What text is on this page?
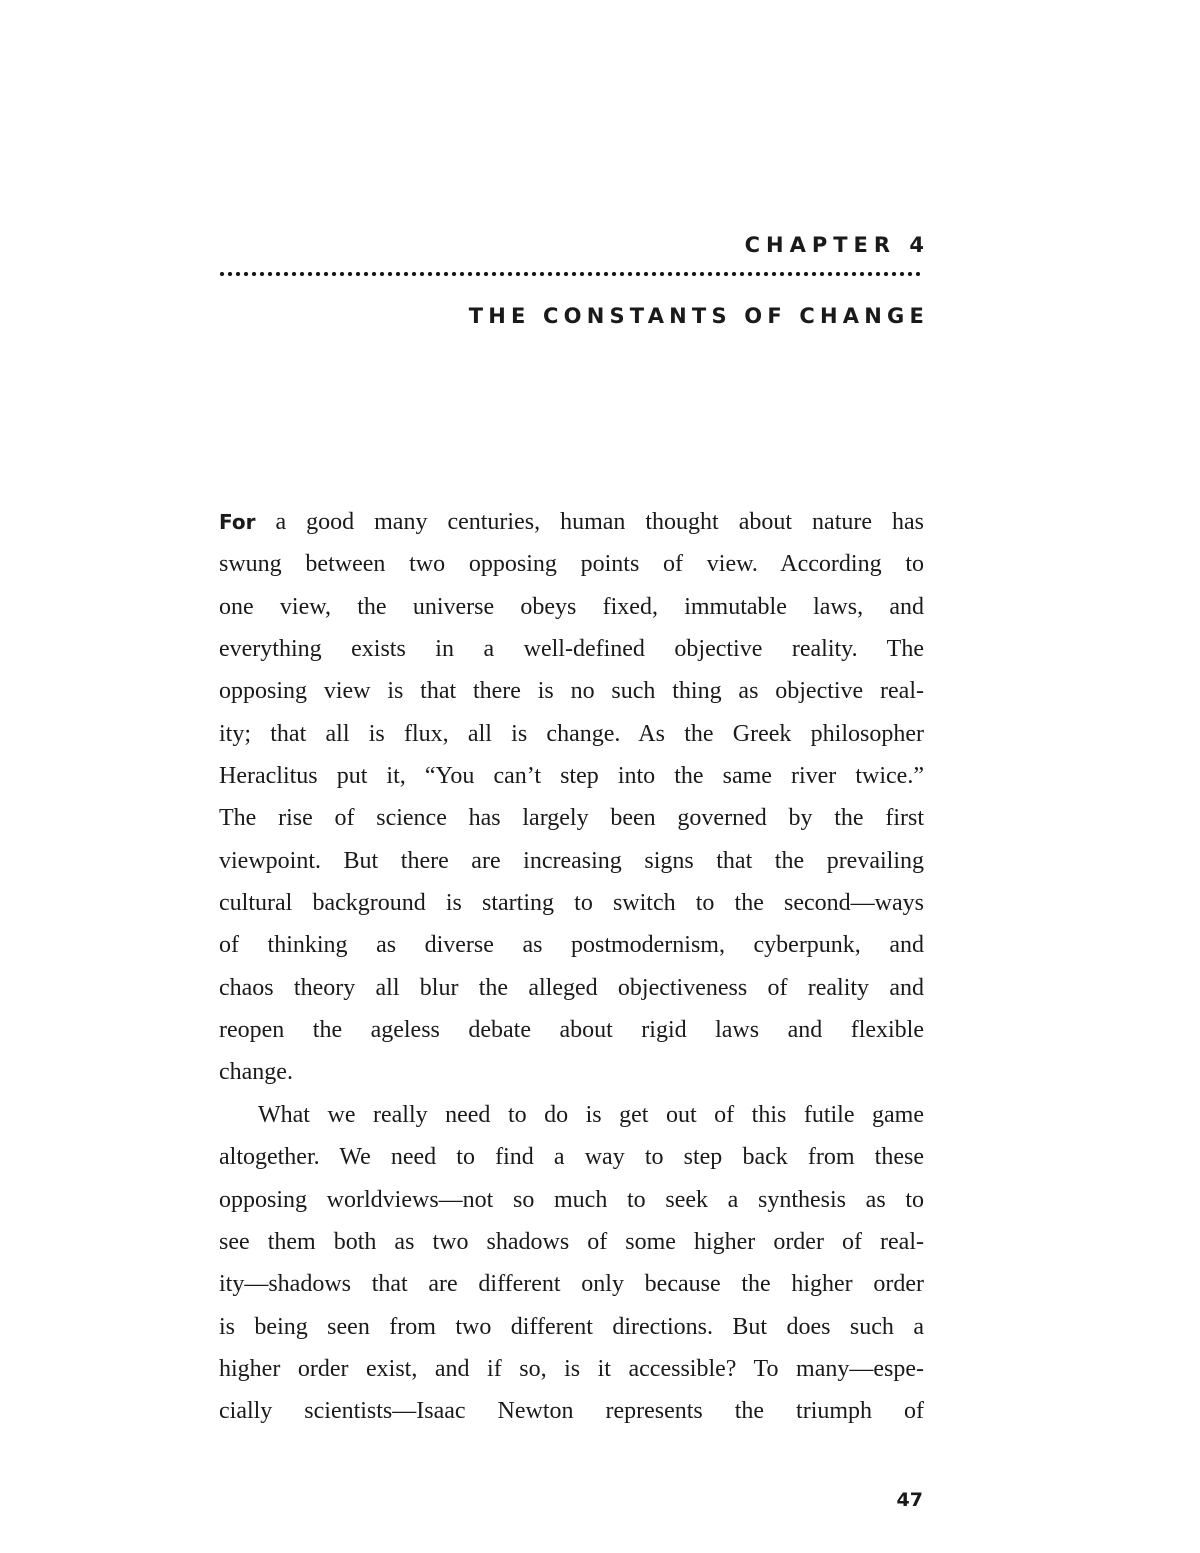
CHAPTER 4
THE CONSTANTS OF CHANGE
For a good many centuries, human thought about nature has
swung between two opposing points of view. According to
one view, the universe obeys fixed, immutable laws, and
everything exists in a well-defined objective reality. The
opposing view is that there is no such thing as objective real-
ity; that all is flux, all is change. As the Greek philosopher
Heraclitus put it, “You can’t step into the same river twice.”
The rise of science has largely been governed by the first
viewpoint. But there are increasing signs that the prevailing
cultural background is starting to switch to the second—ways
of thinking as diverse as postmodernism, cyberpunk, and
chaos theory all blur the alleged objectiveness of reality and
reopen the ageless debate about rigid laws and flexible
change.
What we really need to do is get out of this futile game
altogether. We need to find a way to step back from these
opposing worldviews—not so much to seek a synthesis as to
see them both as two shadows of some higher order of real-
ity—shadows that are different only because the higher order
is being seen from two different directions. But does such a
higher order exist, and if so, is it accessible? To many—espe-
cially scientists—Isaac Newton represents the triumph of
47
